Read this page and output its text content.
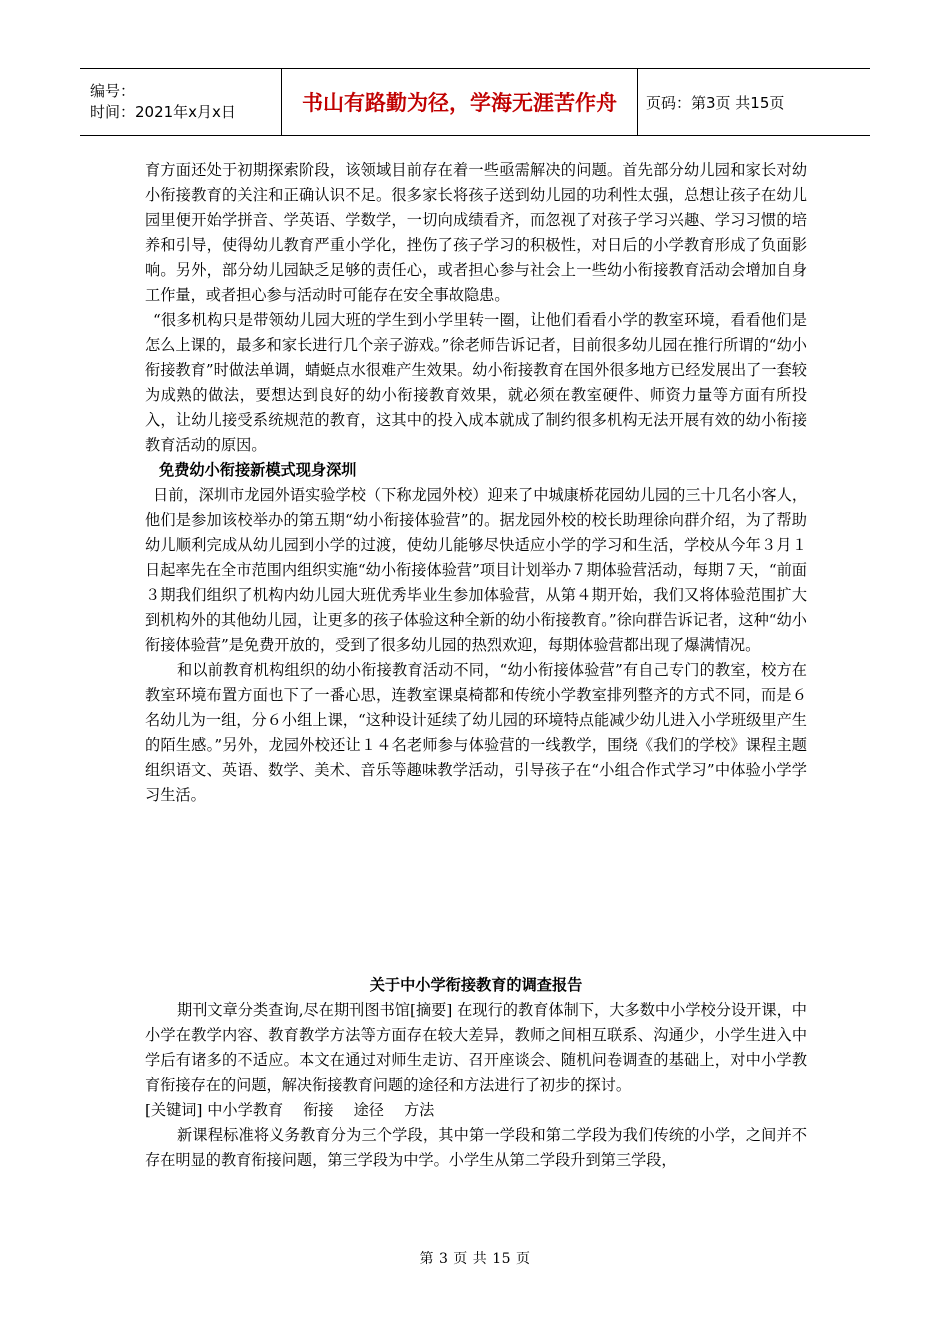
编号：
时间：2021年x月x日	书山有路勤为径，学海无涯苦作舟 页码：第3页 共15页

育方面还处于初期探索阶段，该领域目前存在着一些亟需解决的问题。首先部分幼儿园和家长对幼小衔接教育的关注和正确认识不足。很多家长将孩子送到幼儿园的功利性太强，总想让孩子在幼儿园里便开始学拼音、学英语、学数学，一切向成绩看齐，而忽视了对孩子学习兴趣、学习习惯的培养和引导，使得幼儿教育严重小学化，挫伤了孩子学习的积极性，对日后的小学教育形成了负面影响。另外，部分幼儿园缺乏足够的责任心，或者担心参与社会上一些幼小衔接教育活动会增加自身工作量，或者担心参与活动时可能存在安全事故隐患。

“很多机构只是带领幼儿园大班的学生到小学里转一圈，让他们看看小学的教室环境，看看他们是怎么上课的，最多和家长进行几个亲子游戏。”徐老师告诉记者，目前很多幼儿园在推行所谓的“幼小衔接教育”时做法单调，蜻蜓点水很难产生效果。幼小衔接教育在国外很多地方已经发展出了一套较为成熟的做法，要想达到良好的幼小衔接教育效果，就必须在教室硬件、师资力量等方面有所投入，让幼儿接受系统规范的教育，这其中的投入成本就成了制约很多机构无法开展有效的幼小衔接教育活动的原因。

免费幼小衔接新模式现身深圳

日前，深圳市龙园外语实验学校（下称龙园外校）迎来了中城康桥花园幼儿园的三十几名小客人，他们是参加该校举办的第五期“幼小衔接体验营”的。据龙园外校的校长助理徐向群介绍，为了帮助幼儿顺利完成从幼儿园到小学的过渡，使幼儿能够尽快适应小学的学习和生活，学校从今年３月１日起率先在全市范围内组织实施“幼小衔接体验营”项目计划举办７期体验营活动，每期７天，“前面３期我们组织了机构内幼儿园大班优秀毕业生参加体验营，从第４期开始，我们又将体验范围扩大到机构外的其他幼儿园，让更多的孩子体验这种全新的幼小衔接教育。”徐向群告诉记者，这种“幼小衔接体验营”是免费开放的，受到了很多幼儿园的热烈欢迎，每期体验营都出现了爆满情况。

和以前教育机构组织的幼小衔接教育活动不同，“幼小衔接体验营”有自己专门的教室，校方在教室环境布置方面也下了一番心思，连教室课桌椅都和传统小学教室排列整齐的方式不同，而是６名幼儿为一组，分６小组上课，“这种设计延续了幼儿园的环境特点能减少幼儿进入小学班级里产生的陌生感。”另外，龙园外校还让１４名老师参与体验营的一线教学，围绕《我们的学校》课程主题组织语文、英语、数学、美术、音乐等趣味教学活动，引导孩子在“小组合作式学习”中体验小学学习生活。

关于中小学衔接教育的调查报告

期刊文章分类查询,尽在期刊图书馆[摘要] 在现行的教育体制下，大多数中小学校分设开课，中小学在教学内容、教育教学方法等方面存在较大差异，教师之间相互联系、沟通少，小学生进入中学后有诸多的不适应。本文在通过对师生走访、召开座谈会、随机问卷调查的基础上，对中小学教育衔接存在的问题，解决衔接教育问题的途径和方法进行了初步的探讨。

[关键词] 中小学教育　 衔接　 途径　 方法

新课程标准将义务教育分为三个学段，其中第一学段和第二学段为我们传统的小学，之间并不存在明显的教育衔接问题，第三学段为中学。小学生从第二学段升到第三学段，

第 3 页 共 15 页
